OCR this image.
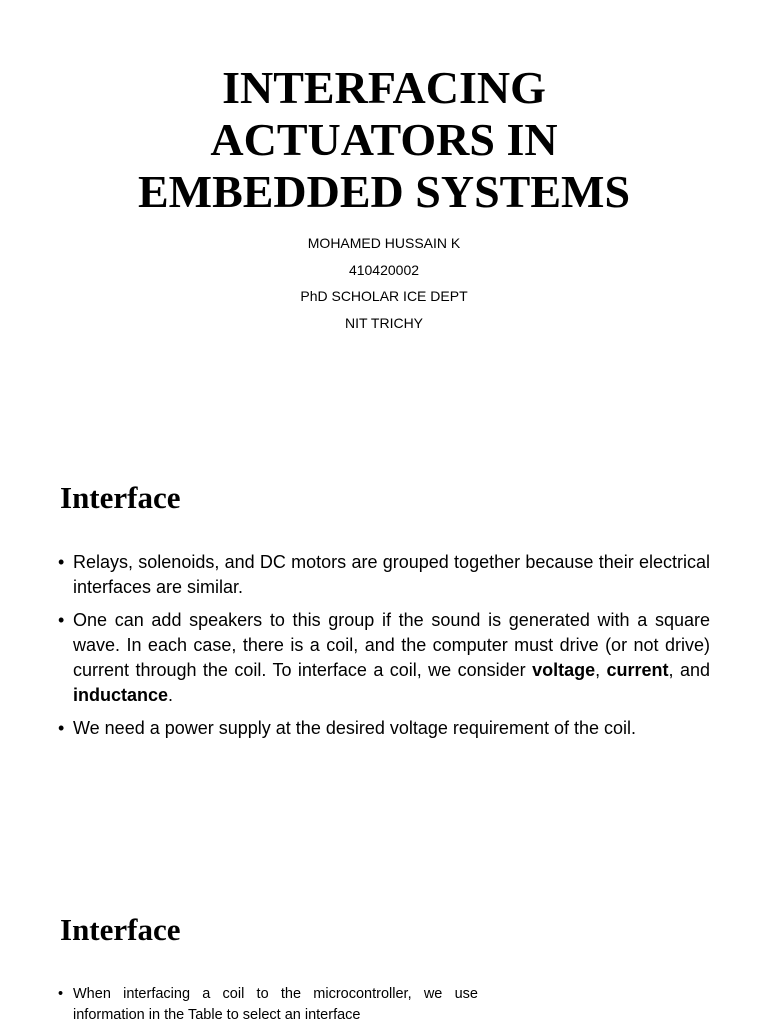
INTERFACING
ACTUATORS IN
EMBEDDED SYSTEMS
MOHAMED HUSSAIN K
410420002
PhD SCHOLAR ICE DEPT
NIT TRICHY
Interface
• Relays, solenoids, and DC motors are grouped together because their electrical interfaces are similar.
• One can add speakers to this group if the sound is generated with a square wave. In each case, there is a coil, and the computer must drive (or not drive) current through the coil. To interface a coil, we consider voltage, current, and inductance.
• We need a power supply at the desired voltage requirement of the coil.
Interface
• When interfacing a coil to the microcontroller, we use information in the Table to select an interface
